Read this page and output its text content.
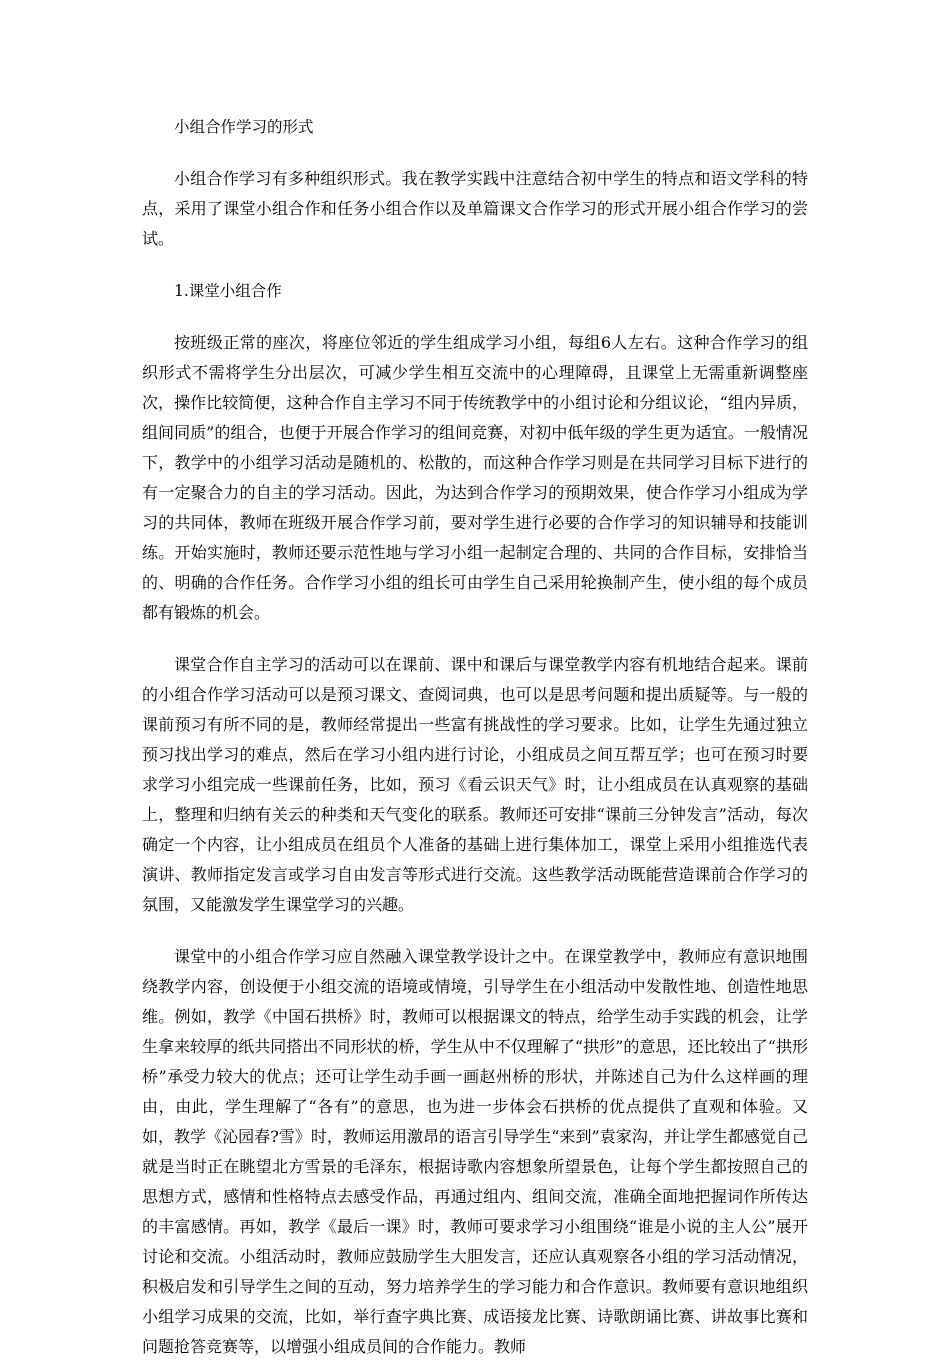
小组合作学习的形式

小组合作学习有多种组织形式。我在教学实践中注意结合初中学生的特点和语文学科的特点，采用了课堂小组合作和任务小组合作以及单篇课文合作学习的形式开展小组合作学习的尝试。

1.课堂小组合作

按班级正常的座次，将座位邻近的学生组成学习小组，每组6人左右。这种合作学习的组织形式不需将学生分出层次，可减少学生相互交流中的心理障碍，且课堂上无需重新调整座次，操作比较简便，这种合作自主学习不同于传统教学中的小组讨论和分组议论，“组内异质，组间同质”的组合，也便于开展合作学习的组间竞赛，对初中低年级的学生更为适宜。一般情况下，教学中的小组学习活动是随机的、松散的，而这种合作学习则是在共同学习目标下进行的有一定聚合力的自主的学习活动。因此，为达到合作学习的预期效果，使合作学习小组成为学习的共同体，教师在班级开展合作学习前，要对学生进行必要的合作学习的知识辅导和技能训练。开始实施时，教师还要示范性地与学习小组一起制定合理的、共同的合作目标，安排恰当的、明确的合作任务。合作学习小组的组长可由学生自己采用轮换制产生，使小组的每个成员都有锻炼的机会。

课堂合作自主学习的活动可以在课前、课中和课后与课堂教学内容有机地结合起来。课前的小组合作学习活动可以是预习课文、查阅词典，也可以是思考问题和提出质疑等。与一般的课前预习有所不同的是，教师经常提出一些富有挑战性的学习要求。比如，让学生先通过独立预习找出学习的难点，然后在学习小组内进行讨论，小组成员之间互帮互学；也可在预习时要求学习小组完成一些课前任务，比如，预习《看云识天气》时，让小组成员在认真观察的基础上，整理和归纳有关云的种类和天气变化的联系。教师还可安排“课前三分钟发言”活动，每次确定一个内容，让小组成员在组员个人准备的基础上进行集体加工，课堂上采用小组推选代表演讲、教师指定发言或学习自由发言等形式进行交流。这些教学活动既能营造课前合作学习的氛围，又能激发学生课堂学习的兴趣。

课堂中的小组合作学习应自然融入课堂教学设计之中。在课堂教学中，教师应有意识地围绕教学内容，创设便于小组交流的语境或情境，引导学生在小组活动中发散性地、创造性地思维。例如，教学《中国石拱桥》时，教师可以根据课文的特点，给学生动手实践的机会，让学生拿来较厚的纸共同搭出不同形状的桥，学生从中不仅理解了“拱形”的意思，还比较出了“拱形桥”承受力较大的优点；还可让学生动手画一画赵州桥的形状，并陈述自己为什么这样画的理由，由此，学生理解了“各有”的意思，也为进一步体会石拱桥的优点提供了直观和体验。又如，教学《沁园春?雪》时，教师运用激昂的语言引导学生“来到”袁家沟，并让学生都感觉自己就是当时正在眺望北方雪景的毛泽东，根据诗歌内容想象所望景色，让每个学生都按照自己的思想方式，感情和性格特点去感受作品，再通过组内、组间交流，准确全面地把握词作所传达的丰富感情。再如，教学《最后一课》时，教师可要求学习小组围绕“谁是小说的主人公”展开讨论和交流。小组活动时，教师应鼓励学生大胆发言，还应认真观察各小组的学习活动情况，积极启发和引导学生之间的互动，努力培养学生的学习能力和合作意识。教师要有意识地组织小组学习成果的交流，比如，举行查字典比赛、成语接龙比赛、诗歌朗诵比赛、讲故事比赛和问题抢答竞赛等，以增强小组成员间的合作能力。教师
